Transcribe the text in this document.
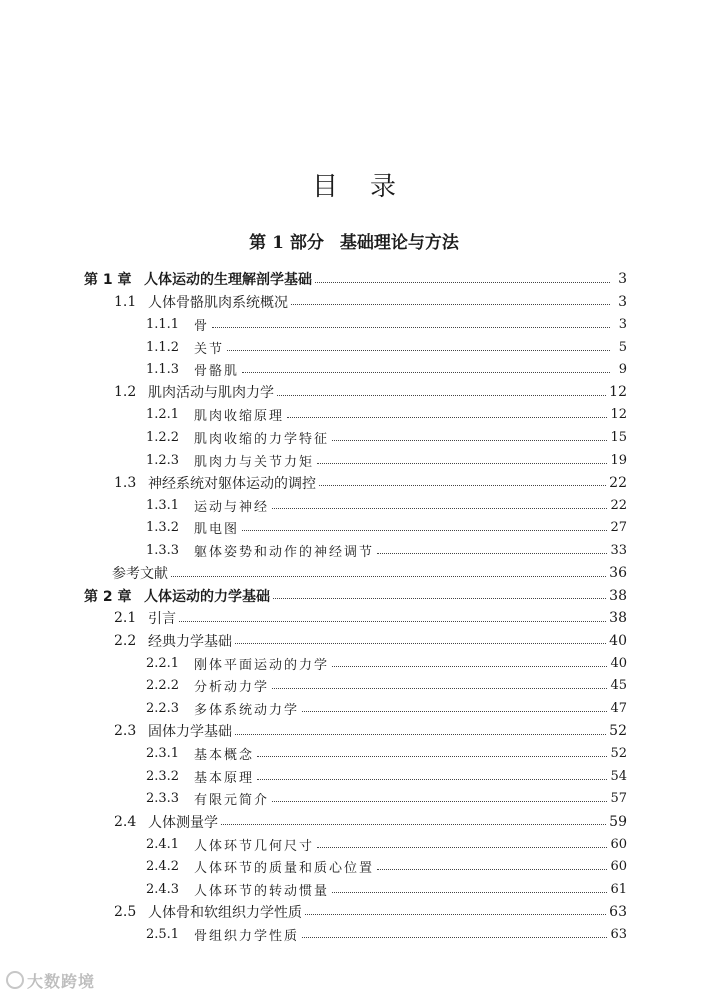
目录
第 1 部分 基础理论与方法
第 1 章 人体运动的生理解剖学基础	3
1.1 人体骨骼肌肉系统概况	3
1.1.1	骨	3
1.1.2	关节	5
1.1.3	骨骼肌	9
1.2 肌肉活动与肌肉力学	12
1.2.1	肌肉收缩原理	12
1.2.2	肌肉收缩的力学特征	15
1.2.3	肌肉力与关节力矩	19
1.3 神经系统对躯体运动的调控	22
1.3.1	运动与神经	22
1.3.2	肌电图	27
1.3.3	躯体姿势和动作的神经调节	33
参考文献	36
第 2 章 人体运动的力学基础	38
2.1 引言	38
2.2 经典力学基础	40
2.2.1	刚体平面运动的力学	40
2.2.2	分析动力学	45
2.2.3	多体系统动力学	47
2.3 固体力学基础	52
2.3.1	基本概念	52
2.3.2	基本原理	54
2.3.3	有限元简介	57
2.4 人体测量学	59
2.4.1	人体环节几何尺寸	60
2.4.2	人体环节的质量和质心位置	60
2.4.3	人体环节的转动惯量	61
2.5 人体骨和软组织力学性质	63
2.5.1	骨组织力学性质	63
大数跨境
